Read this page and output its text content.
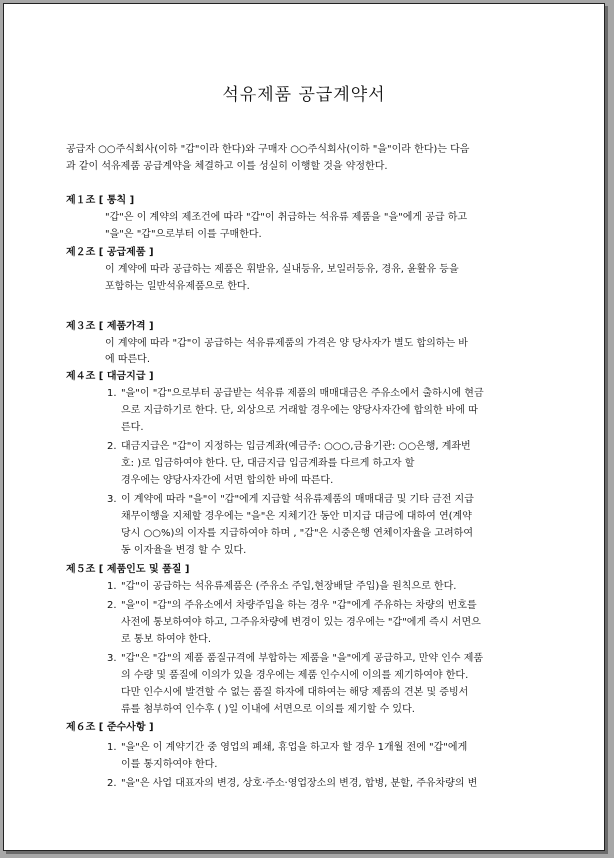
석유제품 공급계약서
공급자 ○○주식회사(이하 "갑"이라 한다)와 구매자 ○○주식회사(이하 "을"이라 한다)는 다음
과 같이 석유제품 공급계약을 체결하고 이를 성실히 이행할 것을 약정한다.
제１조 [ 통칙 ]
"갑"은 이 계약의 제조건에 따라 "갑"이 취급하는 석유류 제품을 "을"에게 공급 하고
"을"은 "갑"으로부터 이를 구매한다.
제２조 [ 공급제품 ]
이 계약에 따라 공급하는 제품은 휘발유, 실내등유, 보일러등유, 경유, 윤활유 등을
포함하는 일반석유제품으로 한다.
제３조 [ 제품가격 ]
이 계약에 따라 "갑"이 공급하는 석유류제품의 가격은 양 당사자가 별도 합의하는 바
에 따른다.
제４조 [ 대금지급 ]
1. "을"이 "갑"으로부터 공급받는 석유류 제품의 매매대금은 주유소에서 출하시에 현금
으로 지급하기로 한다. 단, 외상으로 거래할 경우에는 양당사자간에 합의한 바에 따
른다.
2. 대금지급은 "갑"이 지정하는 입금계좌(예금주: ○○○,금융기관: ○○은행, 계좌번
호: )로 입금하여야 한다. 단, 대금지급 입금계좌를 다르게 하고자 할
경우에는 양당사자간에 서면 합의한 바에 따른다.
3. 이 계약에 따라 "을"이 "갑"에게 지급할 석유류제품의 매매대금 및 기타 금전 지급
채무이행을 지체할 경우에는 "을"은 지체기간 동안 미지급 대금에 대하여 연(계약
당시 ○○%)의 이자를 지급하여야 하며 , "갑"은 시중은행 연체이자율을 고려하여
동 이자율을 변경 할 수 있다.
제５조 [ 제품인도 및 품질 ]
1. "갑"이 공급하는 석유류제품은 (주유소 주입,현장배달 주입)을 원칙으로 한다.
2. "을"이 "갑"의 주유소에서 차량주입을 하는 경우 "갑"에게 주유하는 차량의 번호를
사전에 통보하여야 하고, 그주유차량에 변경이 있는 경우에는 "갑"에게 즉시 서면으
로 통보 하여야 한다.
3. "갑"은 "갑"의 제품 품질규격에 부합하는 제품을 "을"에게 공급하고, 만약 인수 제품
의 수량 및 품질에 이의가 있을 경우에는 제품 인수시에 이의를 제기하여야 한다.
다만 인수시에 발견할 수 없는 품질 하자에 대하여는 해당 제품의 견본 및 증빙서
류를 첨부하여 인수후 ( )일 이내에 서면으로 이의를 제기할 수 있다.
제６조 [ 준수사항 ]
1. "을"은 이 계약기간 중 영업의 폐쇄, 휴업을 하고자 할 경우 1개월 전에 "갑"에게
이를 통지하여야 한다.
2. "을"은 사업 대표자의 변경, 상호·주소·영업장소의 변경, 합병, 분할, 주유차량의 변
